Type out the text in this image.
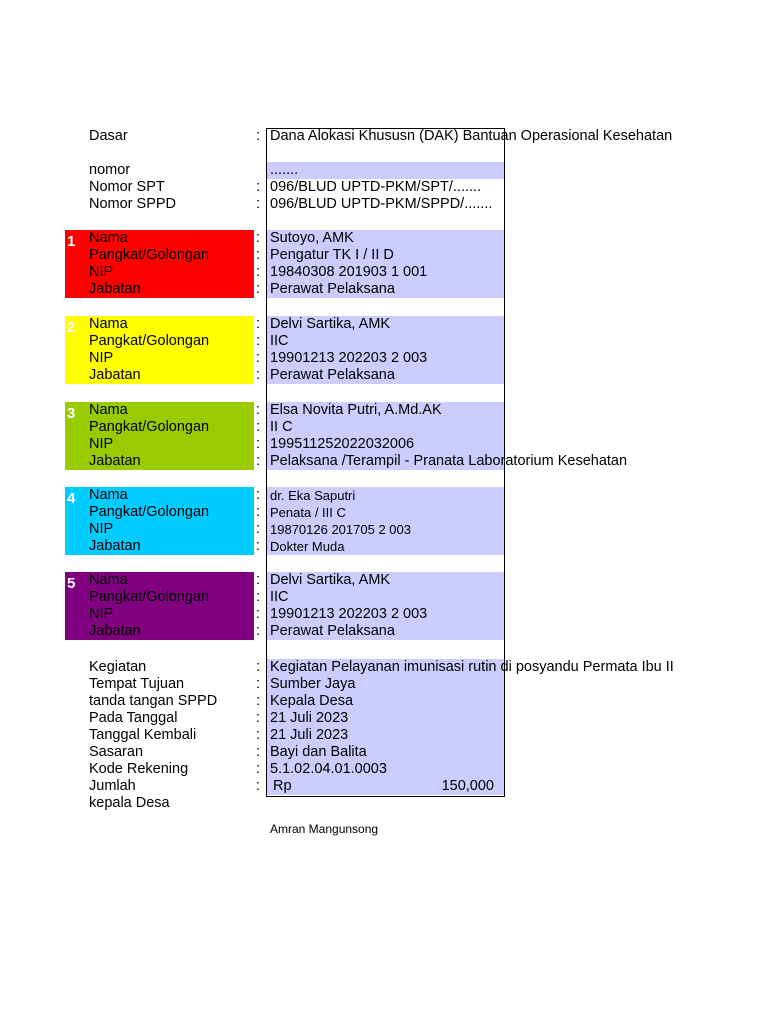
Dasar	: Dana Alokasi Khususn (DAK) Bantuan Operasional Kesehatan
nomor	.......
Nomor SPT	: 096/BLUD UPTD-PKM/SPT/.......
Nomor SPPD	: 096/BLUD UPTD-PKM/SPPD/.......
Nama	: Sutoyo, AMK
Pangkat/Golongan	: Pengatur TK I / II D
NIP	: 19840308 201903 1 001
Jabatan	: Perawat Pelaksana
1
Nama	: Delvi Sartika, AMK
Pangkat/Golongan	: IIC
NIP	: 19901213 202203 2 003
Jabatan	: Perawat Pelaksana
2
Nama	: Elsa Novita Putri, A.Md.AK
Pangkat/Golongan	: II C
NIP	: 199511252022032006
Jabatan	: Pelaksana /Terampil - Pranata Laboratorium Kesehatan
3
Nama	: dr. Eka Saputri
Pangkat/Golongan	: Penata / III C
NIP	: 19870126 201705 2 003
Jabatan	: Dokter Muda
4
Nama	: Delvi Sartika, AMK
Pangkat/Golongan	: IIC
NIP	: 19901213 202203 2 003
Jabatan	: Perawat Pelaksana
5
Kegiatan	: Kegiatan Pelayanan imunisasi rutin di posyandu Permata Ibu II
Tempat Tujuan	: Sumber Jaya
tanda tangan SPPD	: Kepala Desa
Pada Tanggal	: 21 Juli 2023
Tanggal Kembali	: 21 Juli 2023
Sasaran	: Bayi dan Balita
Kode Rekening	: 5.1.02.04.01.0003
Jumlah	: Rp	150,000
kepala Desa
Amran Mangunsong
